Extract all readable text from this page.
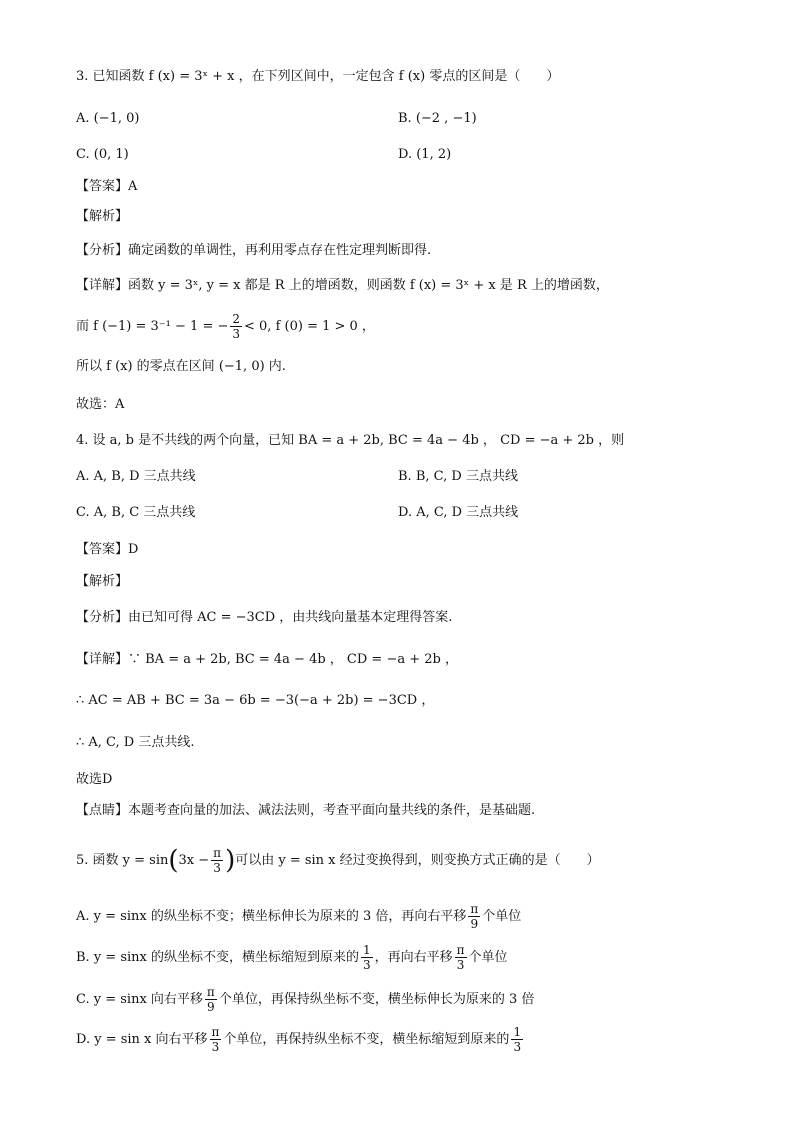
3. 已知函数 f (x) = 3ˣ + x ，在下列区间中，一定包含 f (x) 零点的区间是（　　）
A. (−1, 0)	B. (−2 , −1)
C. (0, 1)	D. (1, 2)
【答案】A
【解析】
【分析】确定函数的单调性，再利用零点存在性定理判断即得.
【详解】函数 y = 3ˣ, y = x 都是 R 上的增函数，则函数 f (x) = 3ˣ + x 是 R 上的增函数，
而 f (−1) = 3⁻¹ − 1 = − $\frac{2}{3} < 0$, f (0) = 1 > 0 ，
所以 f (x) 的零点在区间 (−1, 0) 内.
故选：A
4. 设 a, b 是不共线的两个向量，已知 BA = a + 2b, BC = 4a − 4b ， CD = −a + 2b ，则
A. A, B, D 三点共线	B. B, C, D 三点共线
C. A, B, C 三点共线	D. A, C, D 三点共线
【答案】D
【解析】
【分析】由已知可得 AC = −3CD ，由共线向量基本定理得答案.
【详解】∵ BA = a + 2b, BC = 4a − 4b ， CD = −a + 2b ，
∴ AC = AB + BC = 3a − 6b = −3(−a + 2b) = −3CD ，
∴ A, C, D 三点共线.
故选D
【点睛】本题考查向量的加法、减法法则，考查平面向量共线的条件，是基础题.
5. 函数 $y = \sin(3x - \frac{\pi}{3}$ )可以由 y = sin x 经过变换得到，则变换方式正确的是（　　）
A. y = sinx 的纵坐标不变；横坐标伸长为原来的 3 倍，再向右平移 $\frac{\pi}{9}$ 个单位
B. y = sinx 的纵坐标不变，横坐标缩短到原来的 $\frac{1}{3}$ ，再向右平移 $\frac{\pi}{3}$ 个单位
C. y = sinx 向右平移 $\frac{\pi}{9}$ 个单位，再保持纵坐标不变，横坐标伸长为原来的 3 倍
D. y = sin x 向右平移 $\frac{\pi}{3}$ 个单位，再保持纵坐标不变，横坐标缩短到原来的 $\frac{1}{3}$
